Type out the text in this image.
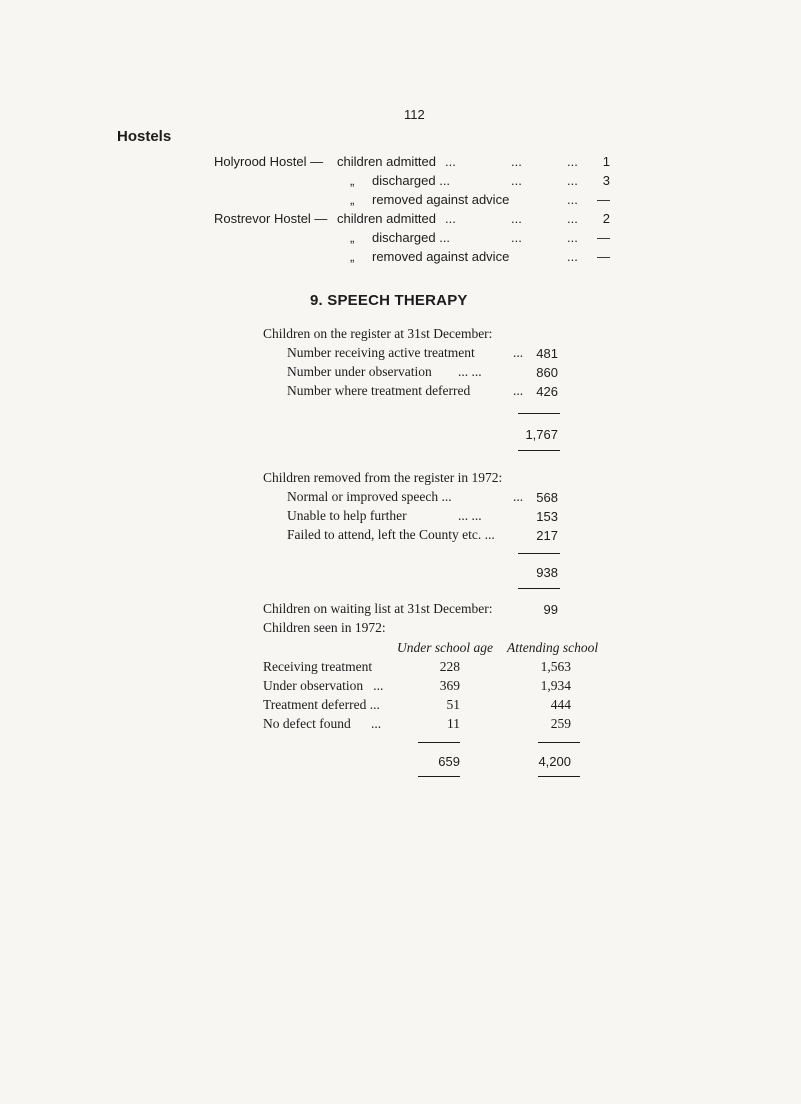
112
Hostels
Holyrood Hostel — children admitted ...	...	...	1
„ discharged ...	...	...	3
„ removed against advice	...	—
Rostrevor Hostel — children admitted ...	...	...	2
„ discharged ...	...	...	—
„ removed against advice	...	—
9. SPEECH THERAPY
Children on the register at 31st December:
Number receiving active treatment	...	481
Number under observation ... ...	860
Number where treatment deferred	...	426
1,767
Children removed from the register in 1972:
Normal or improved speech ...	...	568
Unable to help further	... ...	153
Failed to attend, left the County etc. ...	217
938
Children on waiting list at 31st December:	99
Children seen in 1972:
Under school age Attending school
Receiving treatment	228	1,563
Under observation   ...	369	1,934
Treatment deferred ...	51	444
No defect found      ...	11	259
659	4,200
